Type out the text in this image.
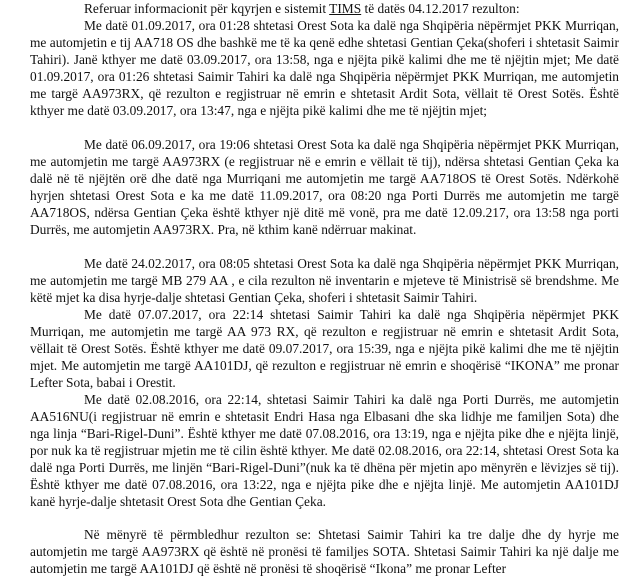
Referuar informacionit për kqyrjen e sistemit TIMS të datës 04.12.2017 rezulton:

Me datë 01.09.2017, ora 01:28 shtetasi Orest Sota ka dalë nga Shqipëria nëpërmjet PKK Murriqan, me automjetin e tij AA718 OS dhe bashkë me të ka qenë edhe shtetasi Gentian Çeka(shoferi i shtetasit Saimir Tahiri). Janë kthyer me datë 03.09.2017, ora 13:58, nga e njëjta pikë kalimi dhe me të njëjtin mjet; Me datë 01.09.2017, ora 01:26 shtetasi Saimir Tahiri ka dalë nga Shqipëria nëpërmjet PKK Murriqan, me automjetin me targë AA973RX, që rezulton e regjistruar në emrin e shtetasit Ardit Sota, vëllait të Orest Sotës. Është kthyer me datë 03.09.2017, ora 13:47, nga e njëjta pikë kalimi dhe me të njëjtin mjet;

Me datë 06.09.2017, ora 19:06 shtetasi Orest Sota ka dalë nga Shqipëria nëpërmjet PKK Murriqan, me automjetin me targë AA973RX (e regjistruar në e emrin e vëllait të tij), ndërsa shtetasi Gentian Çeka ka dalë në të njëjtën orë dhe datë nga Murriqani me automjetin me targë AA718OS të Orest Sotës. Ndërkohë hyrjen shtetasi Orest Sota e ka me datë 11.09.2017, ora 08:20 nga Porti Durrës me automjetin me targë AA718OS, ndërsa Gentian Çeka është kthyer një ditë më vonë, pra me datë 12.09.217, ora 13:58 nga porti Durrës, me automjetin AA973RX. Pra, në kthim kanë ndërruar makinat.

Me datë 24.02.2017, ora 08:05 shtetasi Orest Sota ka dalë nga Shqipëria nëpërmjet PKK Murriqan, me automjetin me targë MB 279 AA , e cila rezulton në inventarin e mjeteve të Ministrisë së brendshme. Me këtë mjet ka disa hyrje-dalje shtetasi Gentian Çeka, shoferi i shtetasit Saimir Tahiri.

Me datë 07.07.2017, ora 22:14 shtetasi Saimir Tahiri ka dalë nga Shqipëria nëpërmjet PKK Murriqan, me automjetin me targë AA 973 RX, që rezulton e regjistruar në emrin e shtetasit Ardit Sota, vëllait të Orest Sotës. Është kthyer me datë 09.07.2017, ora 15:39, nga e njëjta pikë kalimi dhe me të njëjtin mjet. Me automjetin me targë AA101DJ, që rezulton e regjistruar në emrin e shoqërisë “IKONA” me pronar Lefter Sota, babai i Orestit.

Me datë 02.08.2016, ora 22:14, shtetasi Saimir Tahiri ka dalë nga Porti Durrës, me automjetin AA516NU(i regjistruar në emrin e shtetasit Endri Hasa nga Elbasani dhe ska lidhje me familjen Sota) dhe nga linja “Bari-Rigel-Duni”. Është kthyer me datë 07.08.2016, ora 13:19, nga e njëjta pike dhe e njëjta linjë, por nuk ka të regjistruar mjetin me të cilin është kthyer. Me datë 02.08.2016, ora 22:14, shtetasi Orest Sota ka dalë nga Porti Durrës, me linjën “Bari-Rigel-Duni”(nuk ka të dhëna për mjetin apo mënyrën e lëvizjes së tij). Është kthyer me datë 07.08.2016, ora 13:22, nga e njëjta pike dhe e njëjta linjë. Me automjetin AA101DJ kanë hyrje-dalje shtetasit Orest Sota dhe Gentian Çeka.

Në mënyrë të përmbledhur rezulton se: Shtetasi Saimir Tahiri ka tre dalje dhe dy hyrje me automjetin me targë AA973RX që është në pronësi të familjes SOTA. Shtetasi Saimir Tahiri ka një dalje me automjetin me targë AA101DJ që është në pronësi të shoqërisë “Ikona” me pronar Lefter
